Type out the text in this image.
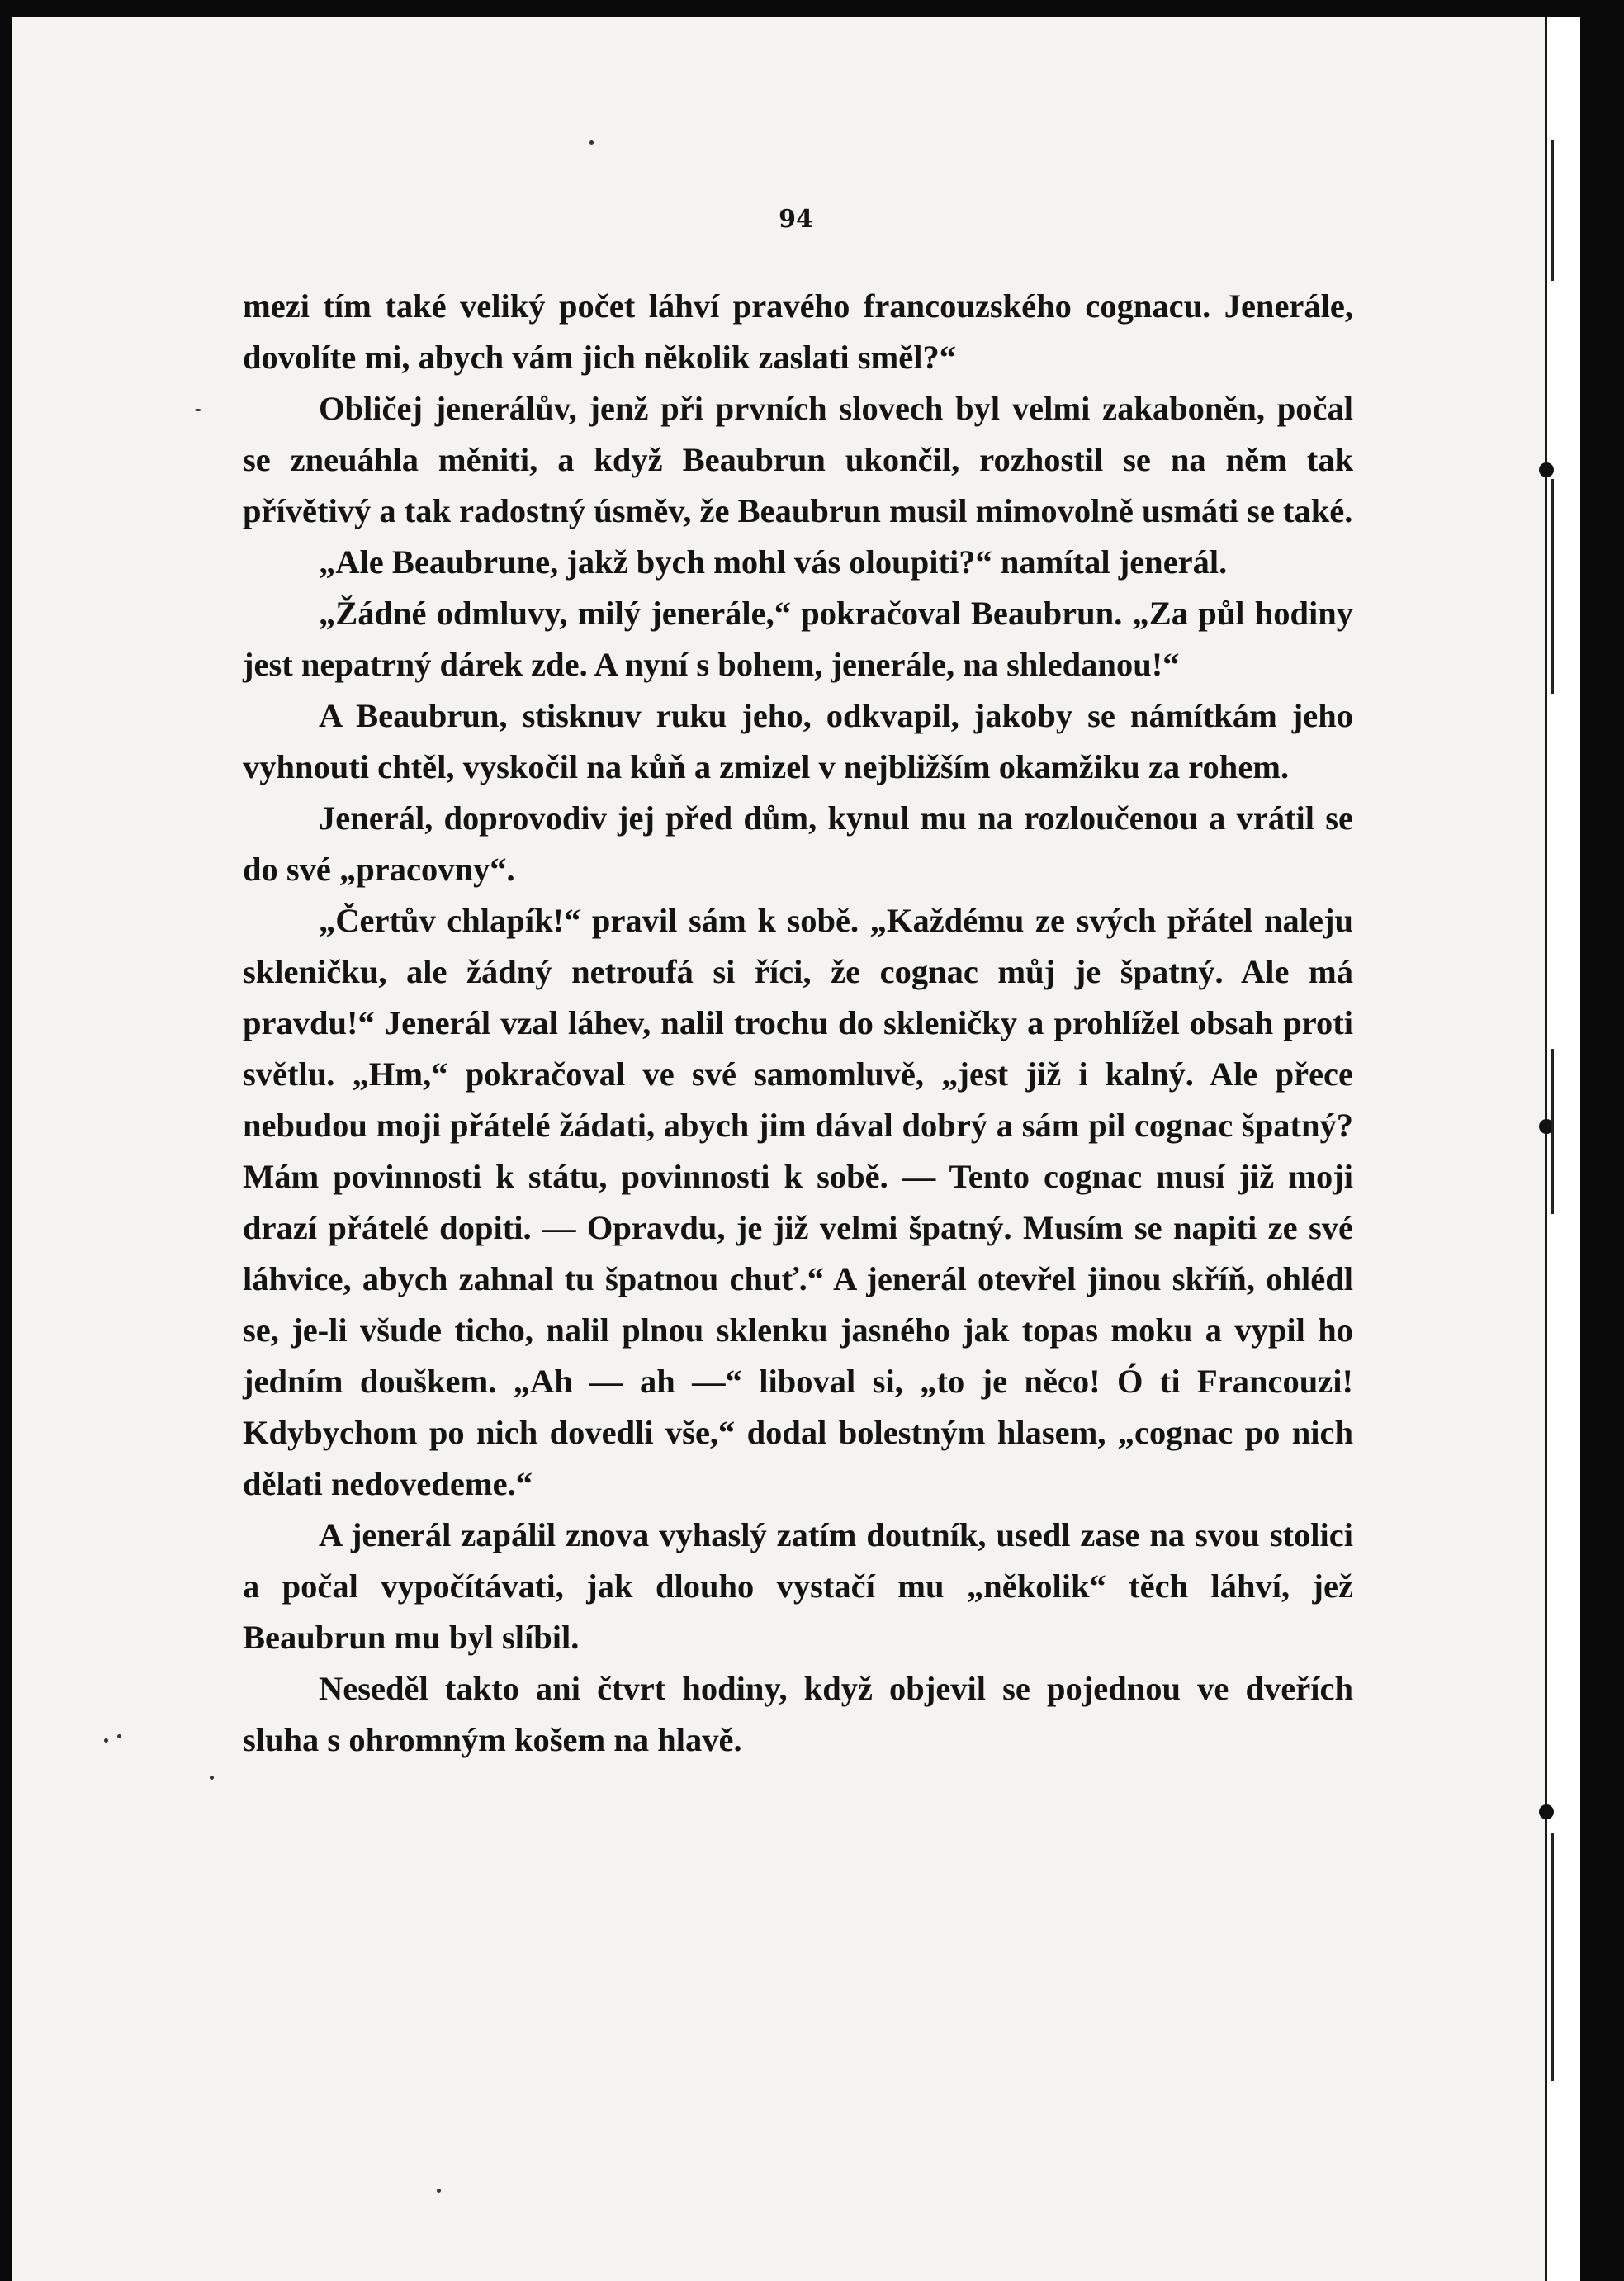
94

mezi tím také veliký počet láhví pravého francouzského cognacu. Jenerále, dovolíte mi, abych vám jich několik zaslati směl?“

Obličej jenerálův, jenž při prvních slovech byl velmi zakaboněn, počal se zneuáhla měniti, a když Beaubrun ukončil, rozhostil se na něm tak přívětivý a tak radostný úsměv, že Beaubrun musil mimovolně usmáti se také.

„Ale Beaubrune, jakž bych mohl vás oloupiti?“ namítal jenerál.

„Žádné odmluvy, milý jenerále,“ pokračoval Beaubrun. „Za půl hodiny jest nepatrný dárek zde. A nyní s bohem, jenerále, na shledanou!“

A Beaubrun, stisknuv ruku jeho, odkvapil, jakoby se námítkám jeho vyhnouti chtěl, vyskočil na kůň a zmizel v nejbližším okamžiku za rohem.

Jenerál, doprovodiv jej před dům, kynul mu na rozloučenou a vrátil se do své „pracovny“.

„Čertův chlapík!“ pravil sám k sobě. „Každému ze svých přátel naleju skleničku, ale žádný netroufá si říci, že cognac můj je špatný. Ale má pravdu!“ Jenerál vzal láhev, nalil trochu do skleničky a prohlížel obsah proti světlu. „Hm,“ pokračoval ve své samomluvě, „jest již i kalný. Ale přece nebudou moji přátelé žádati, abych jim dával dobrý a sám pil cognac špatný? Mám povinnosti k státu, povinnosti k sobě. — Tento cognac musí již moji drazí přátelé dopiti. — Opravdu, je již velmi špatný. Musím se napiti ze své láhvice, abych zahnal tu špatnou chuť.“ A jenerál otevřel jinou skříň, ohlédl se, je-li všude ticho, nalil plnou sklenku jasného jak topas moku a vypil ho jedním douškem. „Ah — ah —“ liboval si, „to je něco! Ó ti Francouzi! Kdybychom po nich dovedli vše,“ dodal bolestným hlasem, „cognac po nich dělati nedovedeme.“

A jenerál zapálil znova vyhaslý zatím doutník, usedl zase na svou stolici a počal vypočítávati, jak dlouho vystačí mu „několik“ těch láhví, jež Beaubrun mu byl slíbil.

Neseděl takto ani čtvrt hodiny, když objevil se pojednou ve dveřích sluha s ohromným košem na hlavě.
